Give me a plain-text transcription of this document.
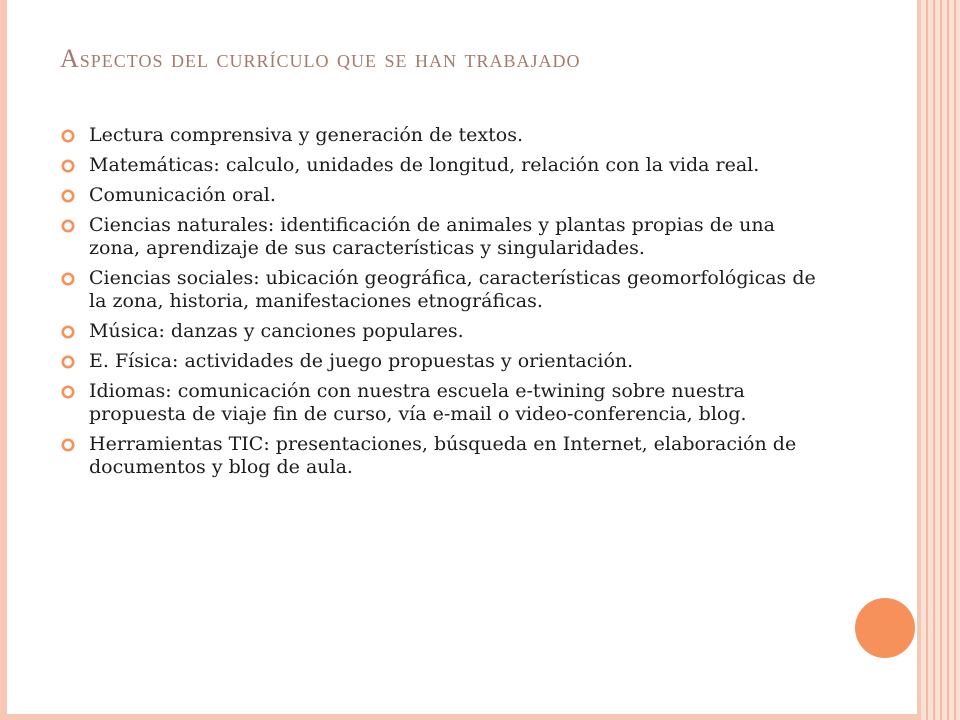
Aspectos del currículo que se han trabajado
Lectura comprensiva y generación de textos.
Matemáticas: calculo, unidades de longitud, relación con la vida real.
Comunicación oral.
Ciencias naturales: identificación de animales y plantas propias de una zona, aprendizaje de sus características y singularidades.
Ciencias sociales: ubicación geográfica, características geomorfológicas de la zona, historia, manifestaciones etnográficas.
Música: danzas y canciones populares.
E. Física: actividades de juego propuestas y orientación.
Idiomas: comunicación con nuestra escuela e-twining sobre nuestra propuesta de viaje fin de curso, vía e-mail o video-conferencia, blog.
Herramientas TIC: presentaciones, búsqueda en Internet, elaboración de documentos y blog de aula.
